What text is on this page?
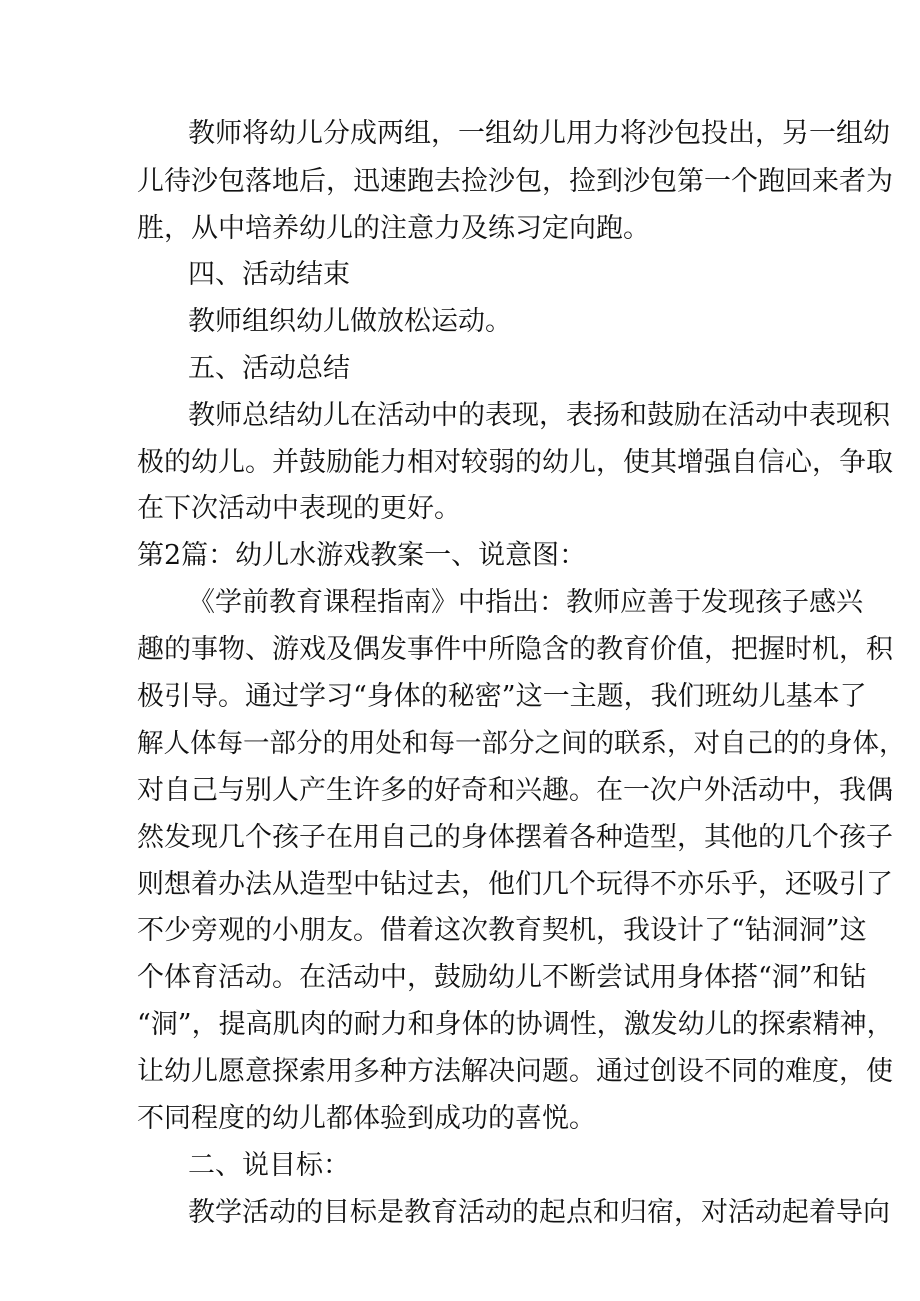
教师将幼儿分成两组，一组幼儿用力将沙包投出，另一组幼

儿待沙包落地后，迅速跑去捡沙包，捡到沙包第一个跑回来者为

胜，从中培养幼儿的注意力及练习定向跑。

四、活动结束

教师组织幼儿做放松运动。

五、活动总结

教师总结幼儿在活动中的表现，表扬和鼓励在活动中表现积

极的幼儿。并鼓励能力相对较弱的幼儿，使其增强自信心，争取

在下次活动中表现的更好。

第2篇：幼儿水游戏教案一、说意图：

《学前教育课程指南》中指出：教师应善于发现孩子感兴

趣的事物、游戏及偶发事件中所隐含的教育价值，把握时机，积

极引导。通过学习“身体的秘密”这一主题，我们班幼儿基本了

解人体每一部分的用处和每一部分之间的联系，对自己的的身体，

对自己与别人产生许多的好奇和兴趣。在一次户外活动中，我偶

然发现几个孩子在用自己的身体摆着各种造型，其他的几个孩子

则想着办法从造型中钻过去，他们几个玩得不亦乐乎，还吸引了

不少旁观的小朋友。借着这次教育契机，我设计了“钻洞洞”这

个体育活动。在活动中，鼓励幼儿不断尝试用身体搭“洞”和钻

“洞”，提高肌肉的耐力和身体的协调性，激发幼儿的探索精神，

让幼儿愿意探索用多种方法解决问题。通过创设不同的难度，使

不同程度的幼儿都体验到成功的喜悦。

二、说目标：

教学活动的目标是教育活动的起点和归宿，对活动起着导向
